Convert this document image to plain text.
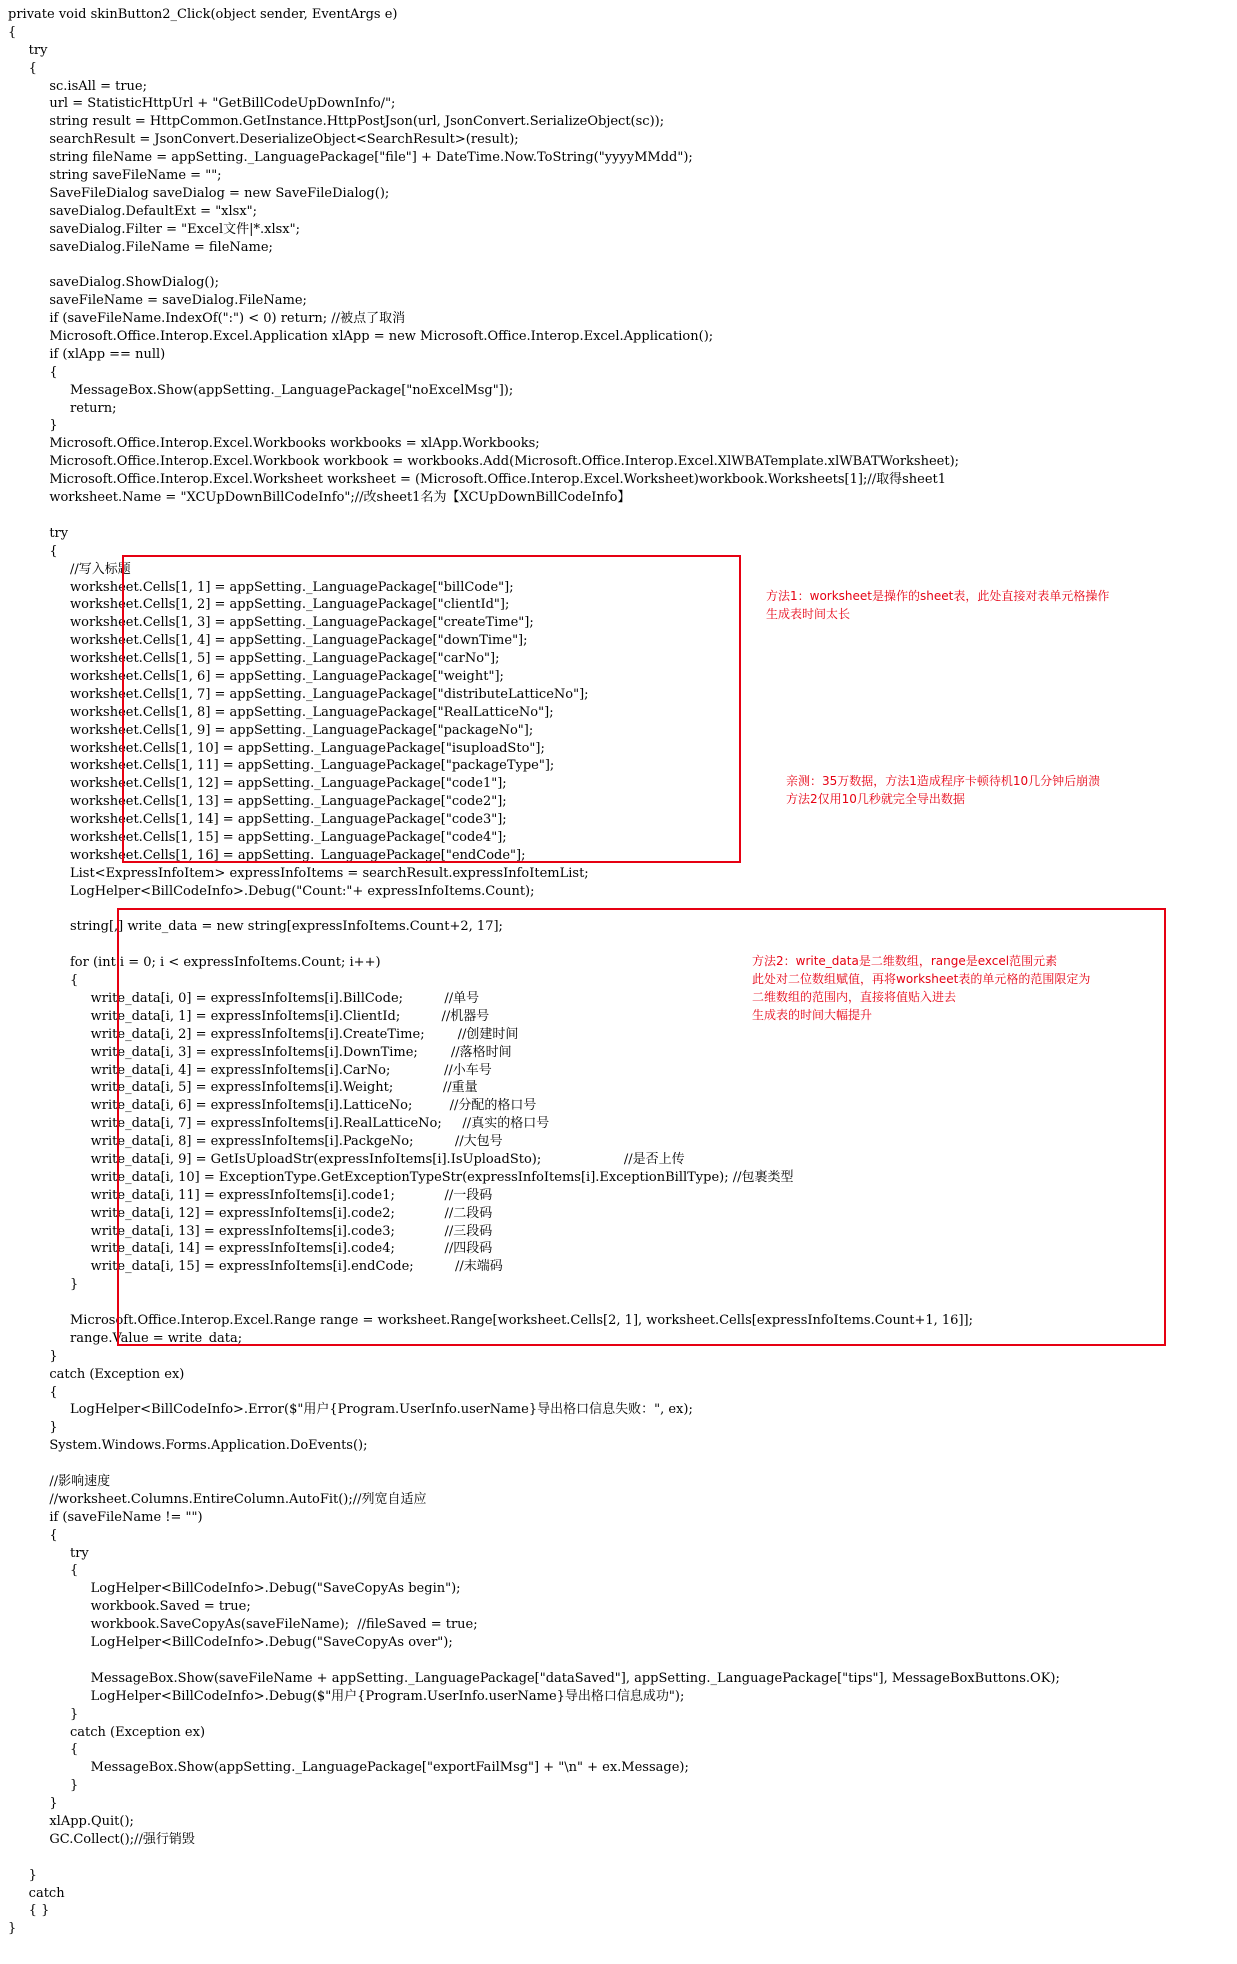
private void skinButton2_Click(object sender, EventArgs e)
{
try
{
sc.isAll = true;
url = StatisticHttpUrl + "GetBillCodeUpDownInfo/";
string result = HttpCommon.GetInstance.HttpPostJson(url, JsonConvert.SerializeObject(sc));
searchResult = JsonConvert.DeserializeObject<SearchResult>(result);
string fileName = appSetting._LanguagePackage["file"] + DateTime.Now.ToString("yyyyMMdd");
string saveFileName = "";
SaveFileDialog saveDialog = new SaveFileDialog();
saveDialog.DefaultExt = "xlsx";
saveDialog.Filter = "Excel文件|*.xlsx";
saveDialog.FileName = fileName;
saveDialog.ShowDialog();
saveFileName = saveDialog.FileName;
if (saveFileName.IndexOf(":") < 0) return; //被点了取消
Microsoft.Office.Interop.Excel.Application xlApp = new Microsoft.Office.Interop.Excel.Application();
if (xlApp == null)
{
MessageBox.Show(appSetting._LanguagePackage["noExcelMsg"]);
return;
}
Microsoft.Office.Interop.Excel.Workbooks workbooks = xlApp.Workbooks;
Microsoft.Office.Interop.Excel.Workbook workbook = workbooks.Add(Microsoft.Office.Interop.Excel.XlWBATemplate.xlWBATWorksheet);
Microsoft.Office.Interop.Excel.Worksheet worksheet = (Microsoft.Office.Interop.Excel.Worksheet)workbook.Worksheets[1];//取得sheet1
worksheet.Name = "XCUpDownBillCodeInfo";//改sheet1名为【XCUpDownBillCodeInfo】
try
{
//写入标题
worksheet.Cells[1, 1] = appSetting._LanguagePackage["billCode"];
worksheet.Cells[1, 2] = appSetting._LanguagePackage["clientId"];
worksheet.Cells[1, 3] = appSetting._LanguagePackage["createTime"];
worksheet.Cells[1, 4] = appSetting._LanguagePackage["downTime"];
worksheet.Cells[1, 5] = appSetting._LanguagePackage["carNo"];
worksheet.Cells[1, 6] = appSetting._LanguagePackage["weight"];
worksheet.Cells[1, 7] = appSetting._LanguagePackage["distributeLatticeNo"];
worksheet.Cells[1, 8] = appSetting._LanguagePackage["RealLatticeNo"];
worksheet.Cells[1, 9] = appSetting._LanguagePackage["packageNo"];
worksheet.Cells[1, 10] = appSetting._LanguagePackage["isuploadSto"];
worksheet.Cells[1, 11] = appSetting._LanguagePackage["packageType"];
worksheet.Cells[1, 12] = appSetting._LanguagePackage["code1"];
worksheet.Cells[1, 13] = appSetting._LanguagePackage["code2"];
worksheet.Cells[1, 14] = appSetting._LanguagePackage["code3"];
worksheet.Cells[1, 15] = appSetting._LanguagePackage["code4"];
worksheet.Cells[1, 16] = appSetting._LanguagePackage["endCode"];
List<ExpressInfoItem> expressInfoItems = searchResult.expressInfoItemList;
LogHelper<BillCodeInfo>.Debug("Count:"+ expressInfoItems.Count);
string[,] write_data = new string[expressInfoItems.Count+2, 17];
for (int i = 0; i < expressInfoItems.Count; i++)
{
write_data[i, 0] = expressInfoItems[i].BillCode;          //单号
write_data[i, 1] = expressInfoItems[i].ClientId;          //机器号
write_data[i, 2] = expressInfoItems[i].CreateTime;        //创建时间
write_data[i, 3] = expressInfoItems[i].DownTime;        //落格时间
write_data[i, 4] = expressInfoItems[i].CarNo;             //小车号
write_data[i, 5] = expressInfoItems[i].Weight;            //重量
write_data[i, 6] = expressInfoItems[i].LatticeNo;         //分配的格口号
write_data[i, 7] = expressInfoItems[i].RealLatticeNo;     //真实的格口号
write_data[i, 8] = expressInfoItems[i].PackgeNo;          //大包号
write_data[i, 9] = GetIsUploadStr(expressInfoItems[i].IsUploadSto);                    //是否上传
write_data[i, 10] = ExceptionType.GetExceptionTypeStr(expressInfoItems[i].ExceptionBillType); //包裹类型
write_data[i, 11] = expressInfoItems[i].code1;            //一段码
write_data[i, 12] = expressInfoItems[i].code2;            //二段码
write_data[i, 13] = expressInfoItems[i].code3;            //三段码
write_data[i, 14] = expressInfoItems[i].code4;            //四段码
write_data[i, 15] = expressInfoItems[i].endCode;          //末端码
}
Microsoft.Office.Interop.Excel.Range range = worksheet.Range[worksheet.Cells[2, 1], worksheet.Cells[expressInfoItems.Count+1, 16]];
range.Value = write_data;
}
catch (Exception ex)
{
LogHelper<BillCodeInfo>.Error($"用户{Program.UserInfo.userName}导出格口信息失败：", ex);
}
System.Windows.Forms.Application.DoEvents();
//影响速度
//worksheet.Columns.EntireColumn.AutoFit();//列宽自适应
if (saveFileName != "")
{
try
{
LogHelper<BillCodeInfo>.Debug("SaveCopyAs begin");
workbook.Saved = true;
workbook.SaveCopyAs(saveFileName);  //fileSaved = true;
LogHelper<BillCodeInfo>.Debug("SaveCopyAs over");
MessageBox.Show(saveFileName + appSetting._LanguagePackage["dataSaved"], appSetting._LanguagePackage["tips"], MessageBoxButtons.OK);
LogHelper<BillCodeInfo>.Debug($"用户{Program.UserInfo.userName}导出格口信息成功");
}
catch (Exception ex)
{
MessageBox.Show(appSetting._LanguagePackage["exportFailMsg"] + "\n" + ex.Message);
}
}
xlApp.Quit();
GC.Collect();//强行销毁
}
catch
{ }
}
方法1：worksheet是操作的sheet表，此处直接对表单元格操作
生成表时间太长
亲测：35万数据，方法1造成程序卡顿待机10几分钟后崩溃
方法2仅用10几秒就完全导出数据
方法2：write_data是二维数组，range是excel范围元素
此处对二位数组赋值，再将worksheet表的单元格的范围限定为
二维数组的范围内，直接将值贴入进去
生成表的时间大幅提升
